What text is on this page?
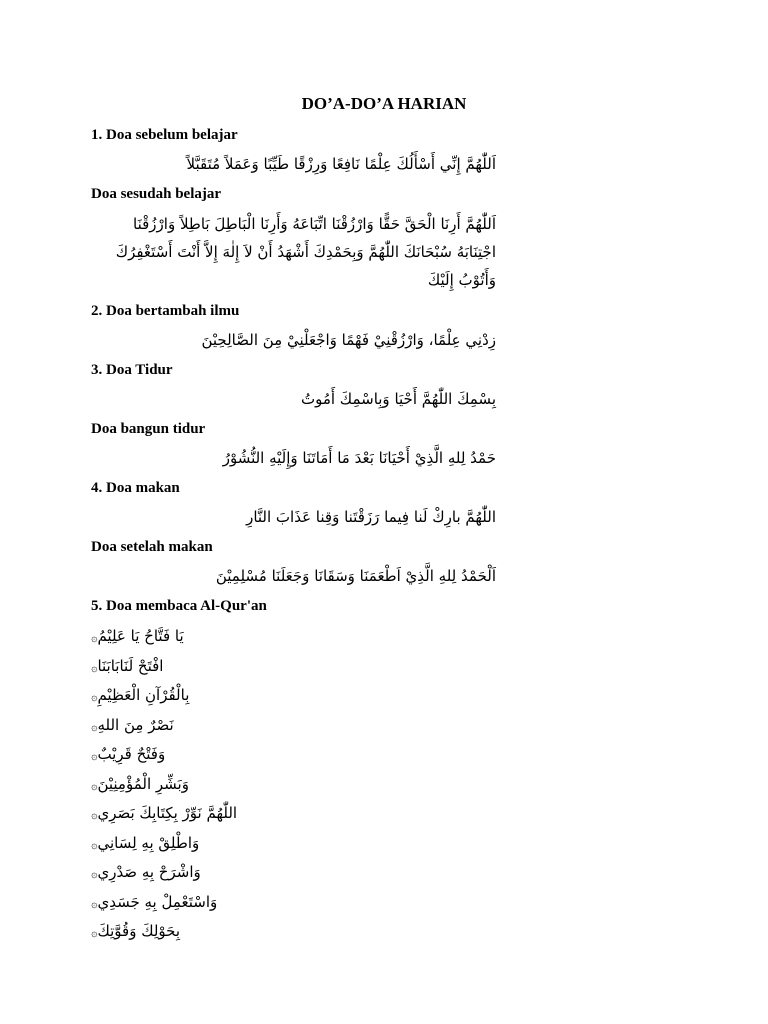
DO’A-DO’A HARIAN
1. Doa sebelum belajar
اَللّٰهُمَّ إِنِّي أَسْأَلُكَ عِلْمًا نَافِعًا وَرِزْقًا طَيِّبًا وَعَمَلاً مُتَقَبَّلاً
Doa sesudah belajar
اَللّٰهُمَّ أَرِنَا الْحَقَّ حَقًّا وَارْزُقْنَا اتِّبَاعَهُ وَأَرِنَا الْبَاطِلَ بَاطِلاً وَارْزُقْنَا اجْتِنَابَهُ سُبْحَانَكَ اللّٰهُمَّ وَبِحَمْدِكَ أَشْهَدُ أَنْ لاَ إِلٰهَ إِلاَّ أَنْتَ أَسْتَغْفِرُكَ وَأَتُوْبُ إِلَيْكَ
2. Doa bertambah ilmu
زِدْنِي عِلْمًا، وَارْزُقْنِيْ فَهْمًا وَاجْعَلْنِيْ مِنَ الصَّالِحِيْنَ
3. Doa Tidur
بِسْمِكَ اللّٰهُمَّ أَحْيَا وَبِاسْمِكَ أَمُوتُ
Doa bangun tidur
حَمْدُ لِلهِ الَّذِيْ أَحْيَانَا بَعْدَ مَا أَمَاتَنَا وَإِلَيْهِ النُّشُوْرُ
4. Doa makan
اللّٰهُمَّ بارِكْ لَنا فِيما رَزَقْتَنا وَقِنا عَذَابَ النَّارِ
Doa setelah makan
اَلْحَمْدُ لِلهِ الَّذِيْ اَطْعَمَنَا وَسَقَانَا وَجَعَلَنَا مُسْلِمِيْنَ
5. Doa membaca Al-Qur'an
يَا فَتَّاحُ يَا عَلِيْمُ۞
افْتَحْ لَنَابَابَنَا۞
بِالْقُرْآنِ الْعَظِيْمِ۞
نَصْرٌ مِنَ اللهِ۞
وَفَتْحٌ قَرِيْبٌ۞
وَبَشِّرِ الْمُؤْمِنِيْنَ۞
اللّٰهُمَّ نَوِّرْ بِكِتَابِكَ بَصَرِي۞
وَاطْلِقْ بِهِ لِسَانِي۞
وَاشْرَحْ بِهِ صَدْرِي۞
وَاسْتَعْمِلْ بِهِ جَسَدِي۞
بِحَوْلِكَ وَقُوَّتِكَ۞
